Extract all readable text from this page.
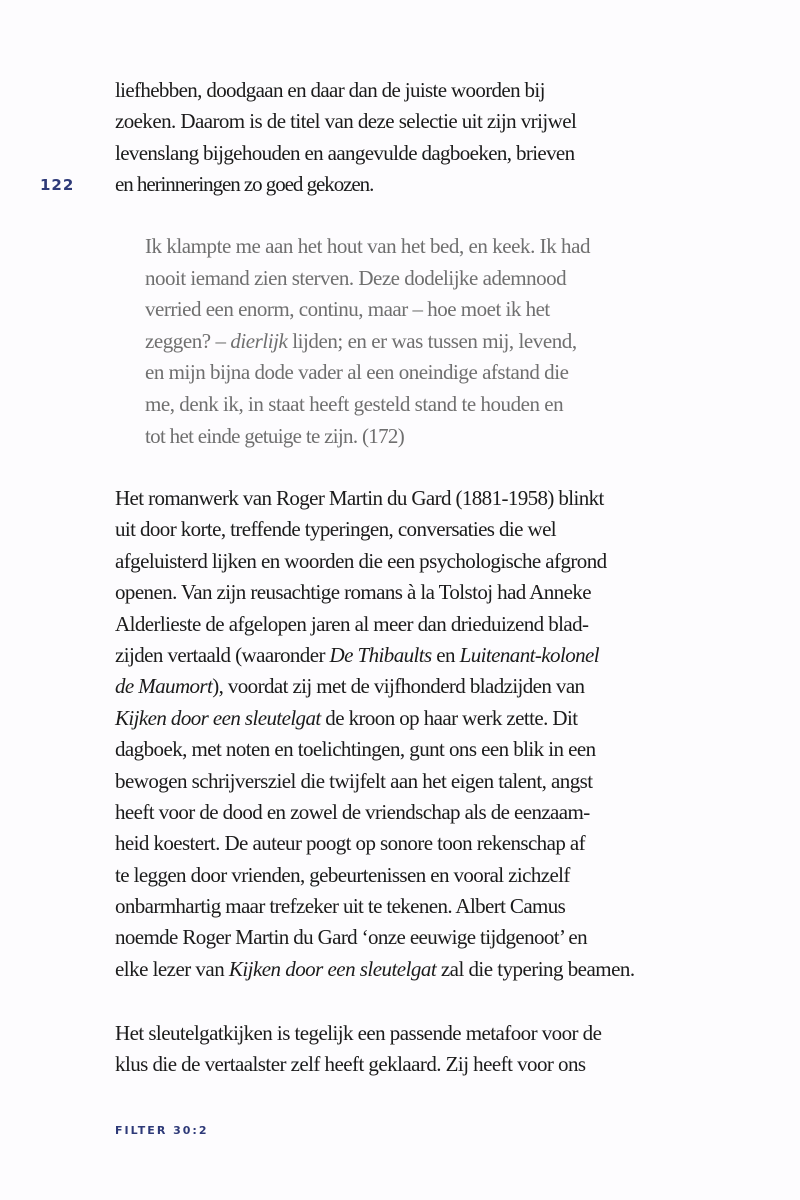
122
liefhebben, doodgaan en daar dan de juiste woorden bij
zoeken. Daarom is de titel van deze selectie uit zijn vrijwel
levenslang bijgehouden en aangevulde dagboeken, brieven
en herinneringen zo goed gekozen.
Ik klampte me aan het hout van het bed, en keek. Ik had
nooit iemand zien sterven. Deze dodelijke ademnood
verried een enorm, continu, maar – hoe moet ik het
zeggen? – dierlijk lijden; en er was tussen mij, levend,
en mijn bijna dode vader al een oneindige afstand die
me, denk ik, in staat heeft gesteld stand te houden en
tot het einde getuige te zijn. (172)
Het romanwerk van Roger Martin du Gard (1881-1958) blinkt
uit door korte, treffende typeringen, conversaties die wel
afgeluisterd lijken en woorden die een psychologische afgrond
openen. Van zijn reusachtige romans à la Tolstoj had Anneke
Alderlieste de afgelopen jaren al meer dan drieduizend blad-
zijden vertaald (waaronder De Thibaults en Luitenant-kolonel
de Maumort), voordat zij met de vijfhonderd bladzijden van
Kijken door een sleutelgat de kroon op haar werk zette. Dit
dagboek, met noten en toelichtingen, gunt ons een blik in een
bewogen schrijversziel die twijfelt aan het eigen talent, angst
heeft voor de dood en zowel de vriendschap als de eenzaam-
heid koestert. De auteur poogt op sonore toon rekenschap af
te leggen door vrienden, gebeurtenissen en vooral zichzelf
onbarmhartig maar trefzeker uit te tekenen. Albert Camus
noemde Roger Martin du Gard ‘onze eeuwige tijdgenoot’ en
elke lezer van Kijken door een sleutelgat zal die typering beamen.
Het sleutelgatkijken is tegelijk een passende metafoor voor de
klus die de vertaalster zelf heeft geklaard. Zij heeft voor ons
FILTER 30:2
